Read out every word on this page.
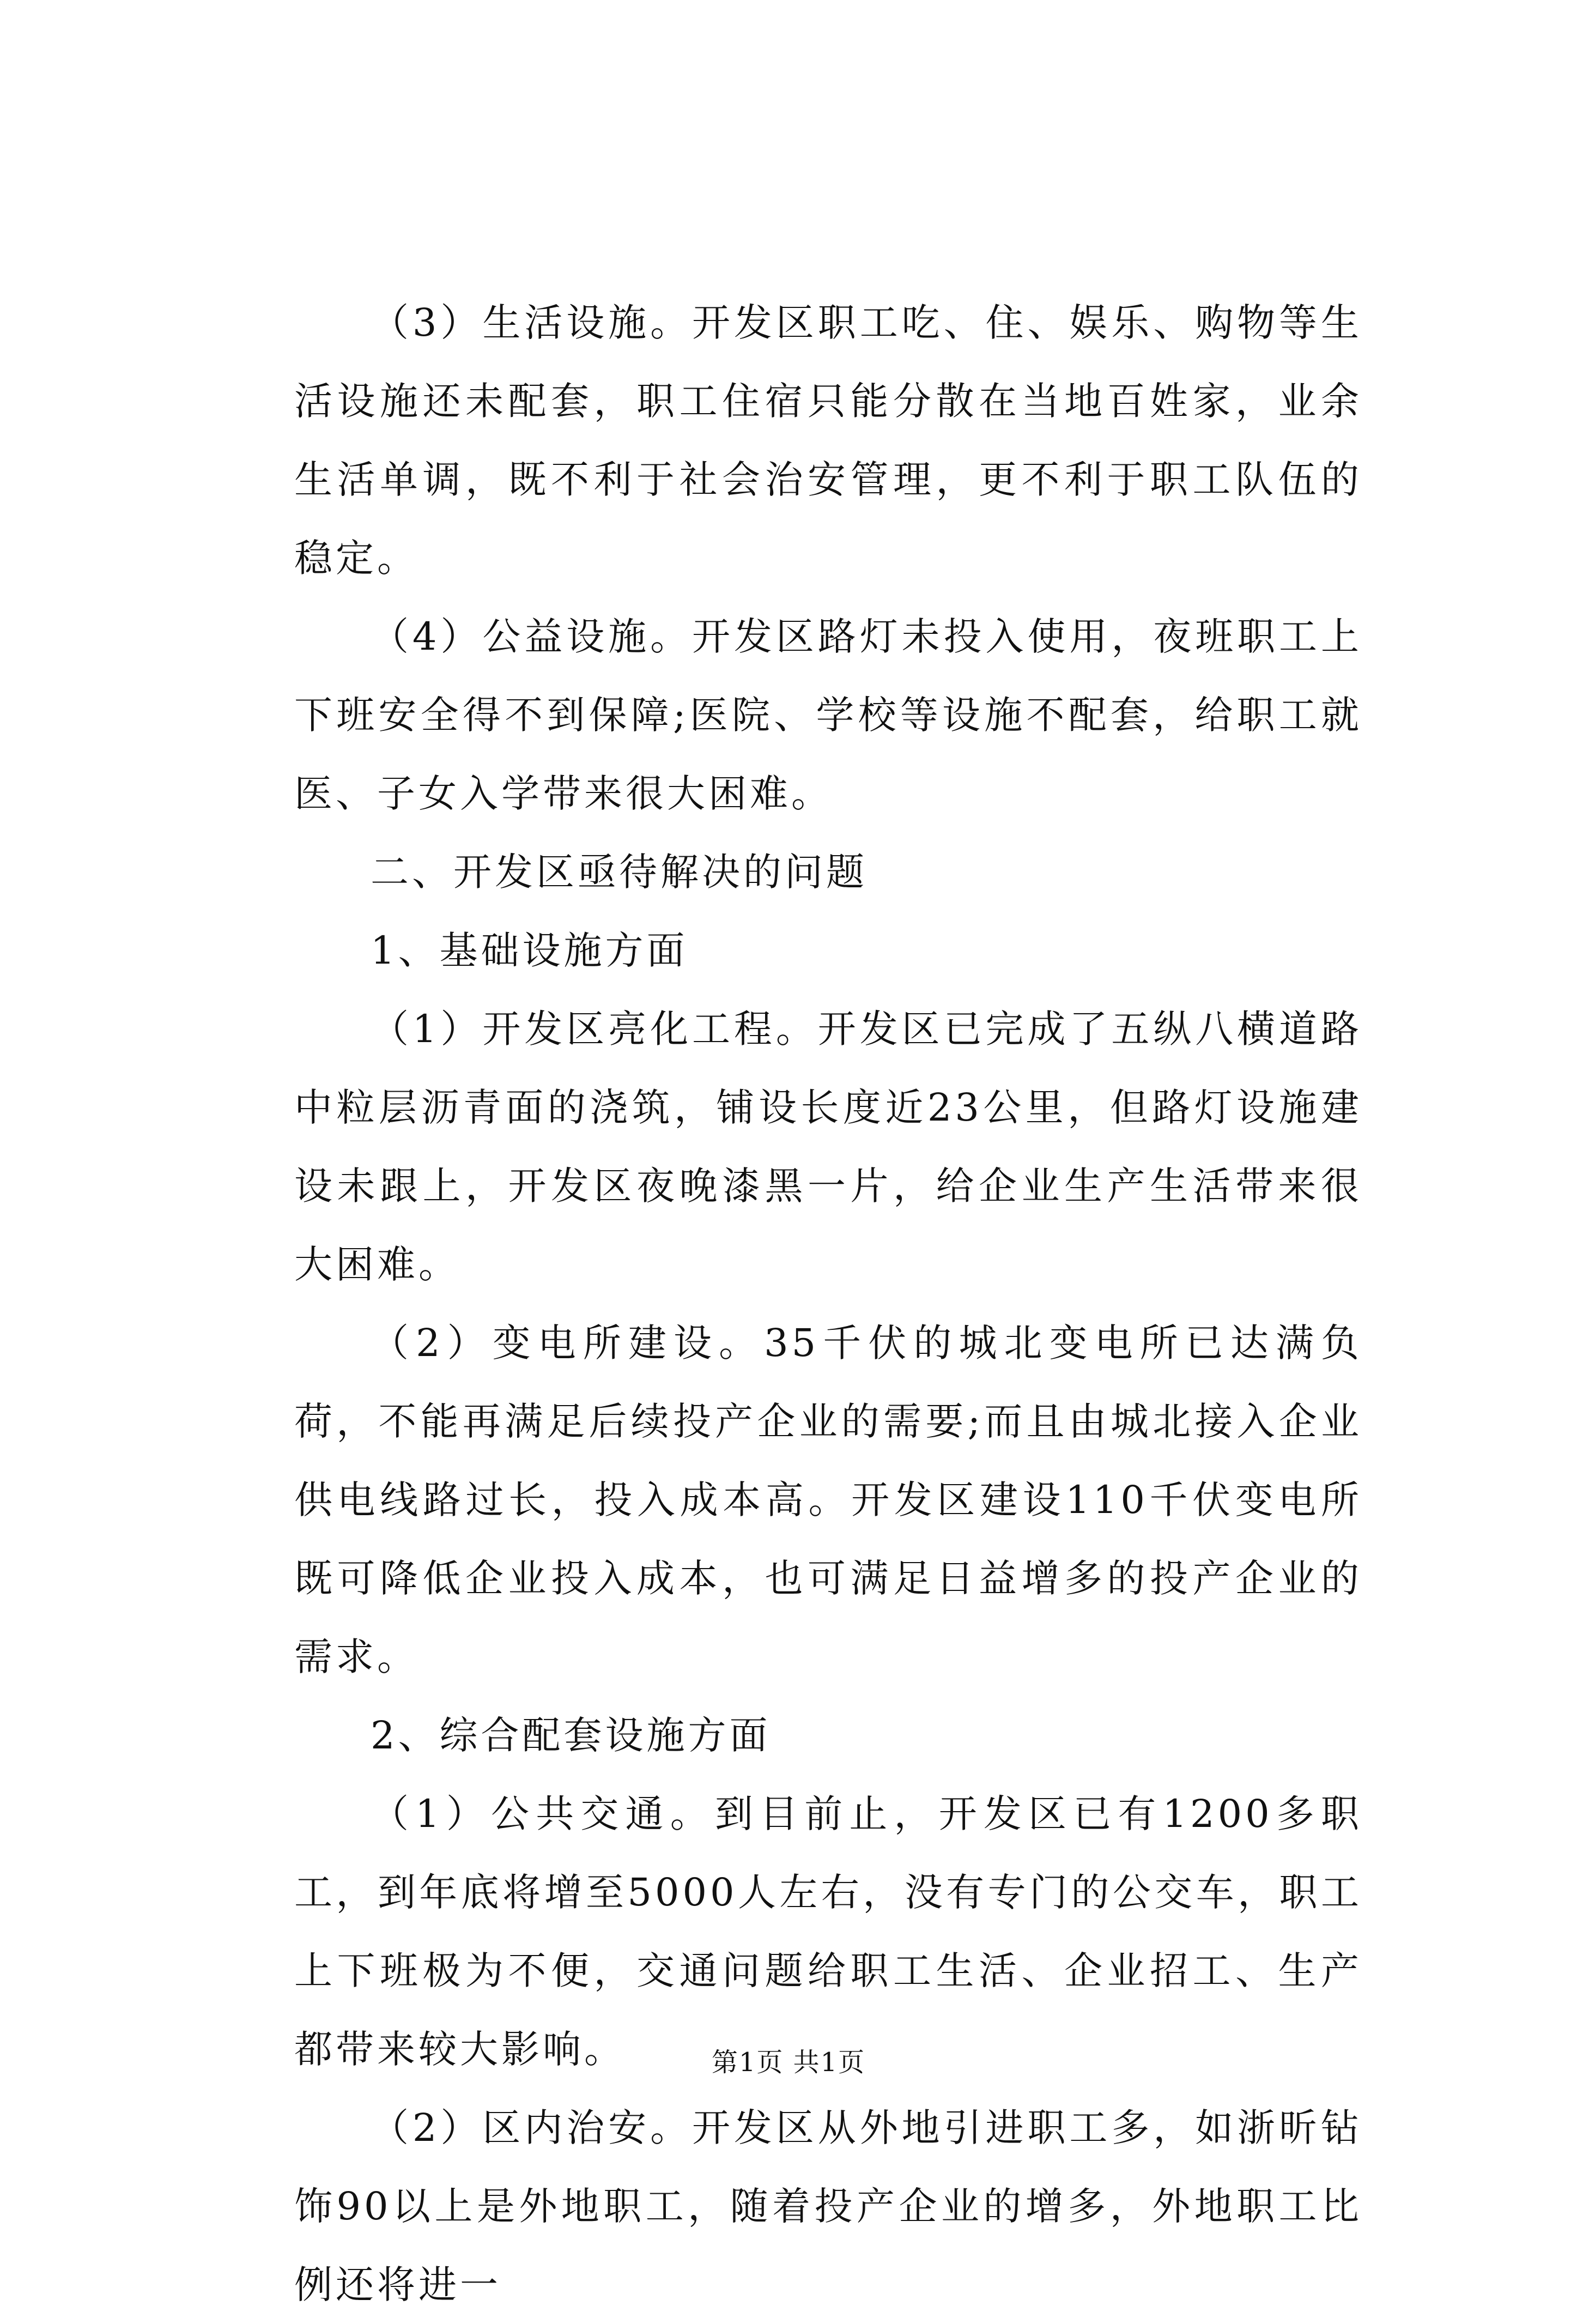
（3）生活设施。开发区职工吃、住、娱乐、购物等生活设施还未配套，职工住宿只能分散在当地百姓家，业余生活单调，既不利于社会治安管理，更不利于职工队伍的稳定。

（4）公益设施。开发区路灯未投入使用，夜班职工上下班安全得不到保障;医院、学校等设施不配套，给职工就医、子女入学带来很大困难。

二、开发区亟待解决的问题

1、基础设施方面

（1）开发区亮化工程。开发区已完成了五纵八横道路中粒层沥青面的浇筑，铺设长度近23公里，但路灯设施建设未跟上，开发区夜晚漆黑一片，给企业生产生活带来很大困难。

（2）变电所建设。35千伏的城北变电所已达满负荷，不能再满足后续投产企业的需要;而且由城北接入企业供电线路过长，投入成本高。开发区建设110千伏变电所既可降低企业投入成本，也可满足日益增多的投产企业的需求。

2、综合配套设施方面

（1）公共交通。到目前止，开发区已有1200多职工，到年底将增至5000人左右，没有专门的公交车，职工上下班极为不便，交通问题给职工生活、企业招工、生产都带来较大影响。

（2）区内治安。开发区从外地引进职工多，如浙昕钻饰90以上是外地职工，随着投产企业的增多，外地职工比例还将进一

第1页 共1页
